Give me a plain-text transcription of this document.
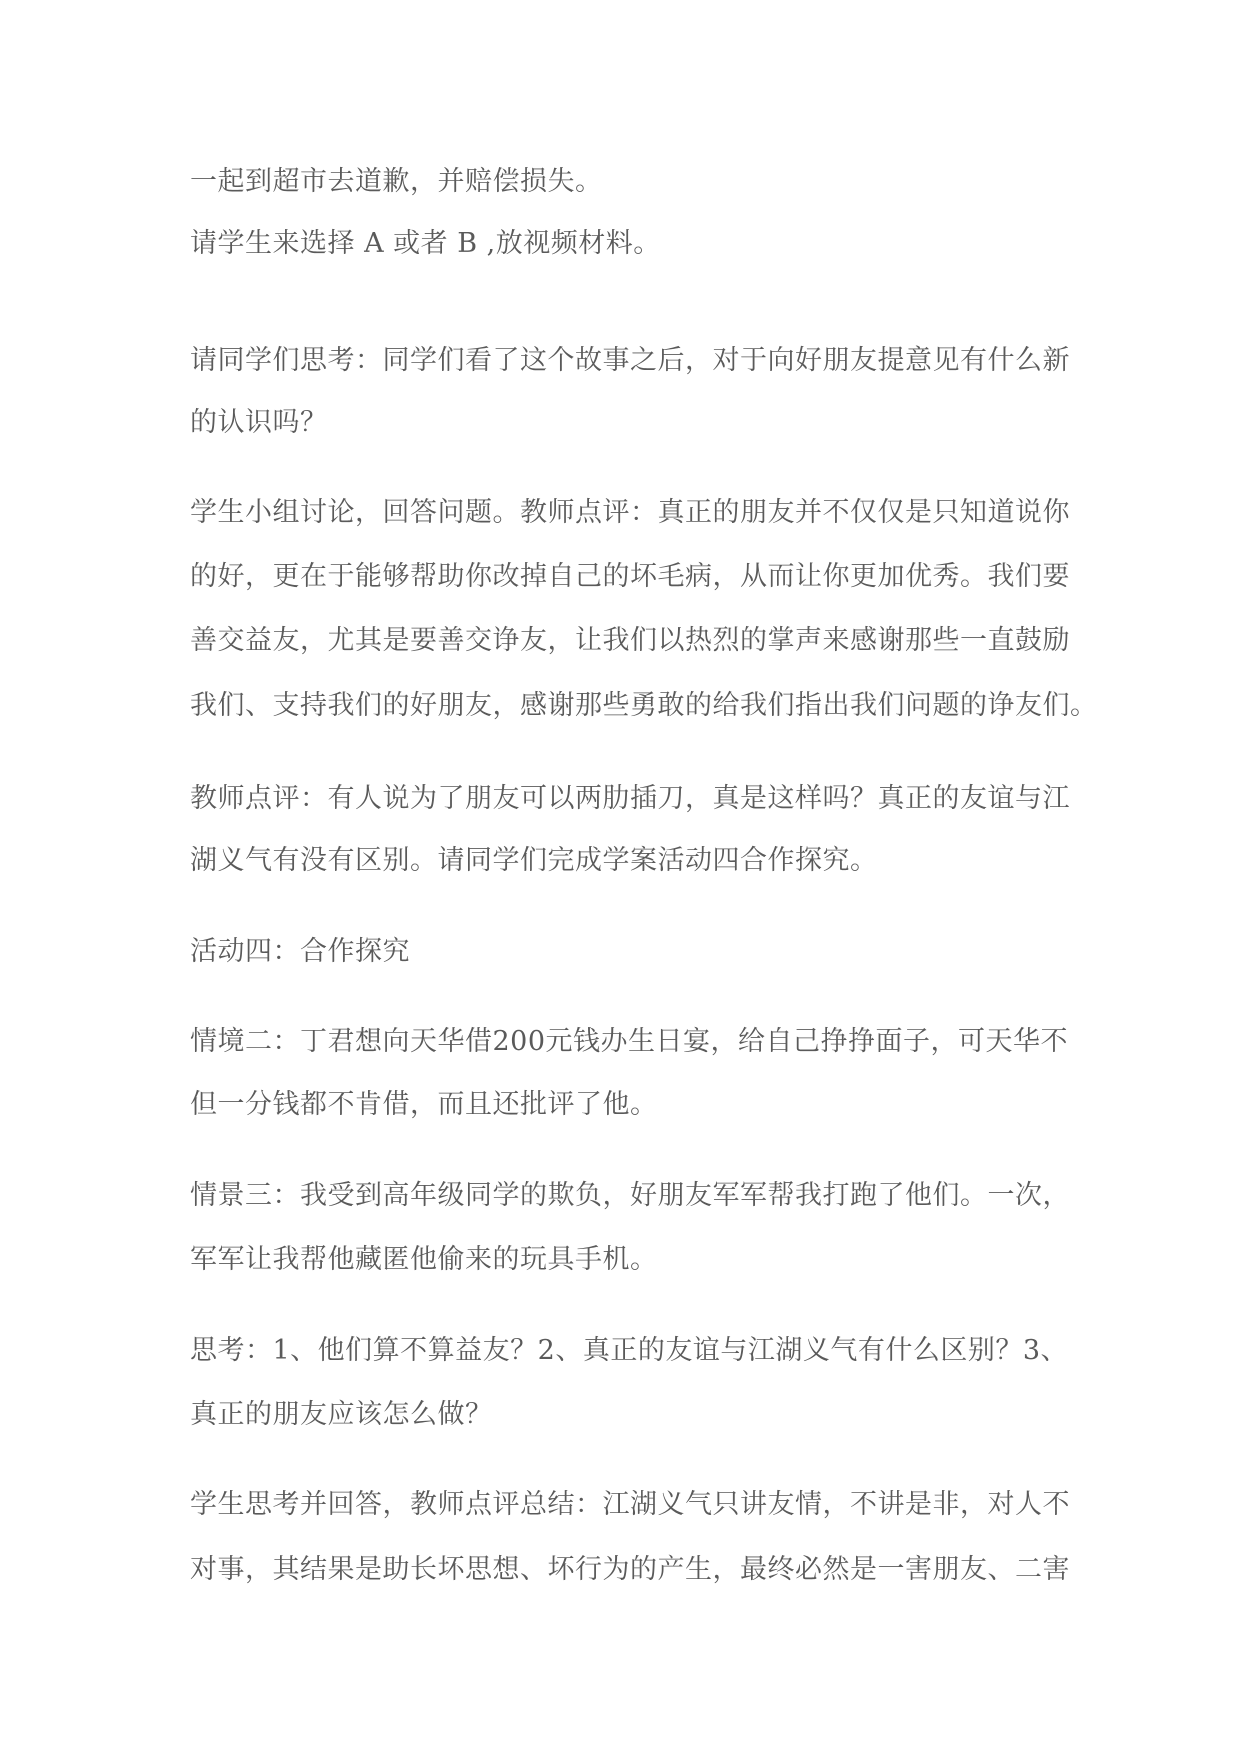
一起到超市去道歉，并赔偿损失。

请学生来选择 A 或者 B ,放视频材料。

请同学们思考：同学们看了这个故事之后，对于向好朋友提意见有什么新

的认识吗？

学生小组讨论，回答问题。教师点评：真正的朋友并不仅仅是只知道说你

的好，更在于能够帮助你改掉自己的坏毛病，从而让你更加优秀。我们要

善交益友，尤其是要善交诤友，让我们以热烈的掌声来感谢那些一直鼓励

我们、支持我们的好朋友，感谢那些勇敢的给我们指出我们问题的诤友们。

教师点评：有人说为了朋友可以两肋插刀，真是这样吗？真正的友谊与江

湖义气有没有区别。请同学们完成学案活动四合作探究。

活动四：合作探究

情境二：丁君想向天华借200元钱办生日宴，给自己挣挣面子，可天华不

但一分钱都不肯借，而且还批评了他。

情景三：我受到高年级同学的欺负，好朋友军军帮我打跑了他们。一次，

军军让我帮他藏匿他偷来的玩具手机。

思考：1、他们算不算益友？2、真正的友谊与江湖义气有什么区别？3、

真正的朋友应该怎么做？

学生思考并回答，教师点评总结：江湖义气只讲友情，不讲是非，对人不

对事，其结果是助长坏思想、坏行为的产生，最终必然是一害朋友、二害
